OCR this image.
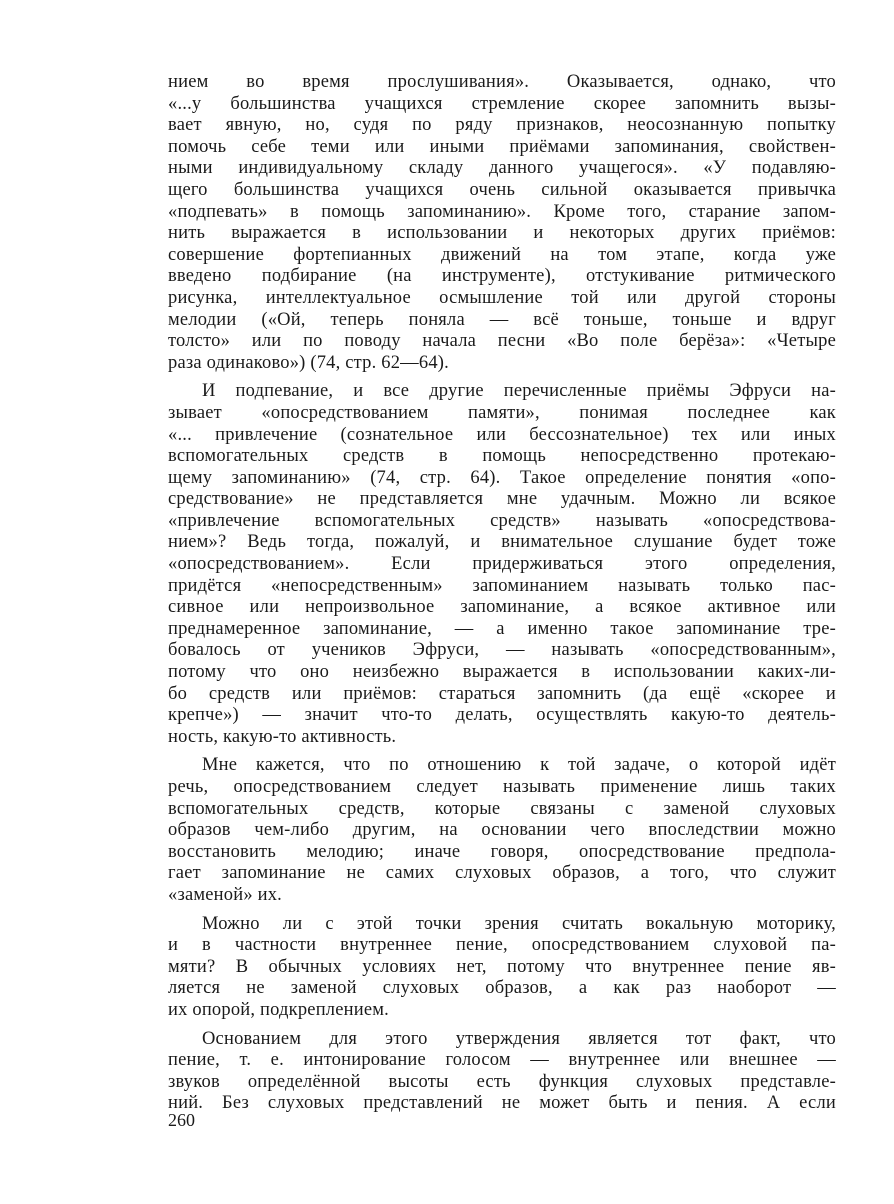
нием во время прослушивания». Оказывается, однако, что
«...у большинства учащихся стремление скорее запомнить вызы-
вает явную, но, судя по ряду признаков, неосознанную попытку
помочь себе теми или иными приёмами запоминания, свойствен-
ными индивидуальному складу данного учащегося». «У подавляю-
щего большинства учащихся очень сильной оказывается привычка
«подпевать» в помощь запоминанию». Кроме того, старание запом-
нить выражается в использовании и некоторых других приёмов:
совершение фортепианных движений на том этапе, когда уже
введено подбирание (на инструменте), отстукивание ритмического
рисунка, интеллектуальное осмышление той или другой стороны
мелодии («Ой, теперь поняла — всё тоньше, тоньше и вдруг
толсто» или по поводу начала песни «Во поле берёза»: «Четыре
раза одинаково») (74, стр. 62—64).
И подпевание, и все другие перечисленные приёмы Эфруси на-
зывает «опосредствованием памяти», понимая последнее как
«... привлечение (сознательное или бессознательное) тех или иных
вспомогательных средств в помощь непосредственно протекаю-
щему запоминанию» (74, стр. 64). Такое определение понятия «опо-
средствование» не представляется мне удачным. Можно ли всякое
«привлечение вспомогательных средств» называть «опосредствова-
нием»? Ведь тогда, пожалуй, и внимательное слушание будет тоже
«опосредствованием». Если придерживаться этого определения,
придётся «непосредственным» запоминанием называть только пас-
сивное или непроизвольное запоминание, а всякое активное или
преднамеренное запоминание, — а именно такое запоминание тре-
бовалось от учеников Эфруси, — называть «опосредствованным»,
потому что оно неизбежно выражается в использовании каких-ли-
бо средств или приёмов: стараться запомнить (да ещё «скорее и
крепче») — значит что-то делать, осуществлять какую-то деятель-
ность, какую-то активность.
Мне кажется, что по отношению к той задаче, о которой идёт
речь, опосредствованием следует называть применение лишь таких
вспомогательных средств, которые связаны с заменой слуховых
образов чем-либо другим, на основании чего впоследствии можно
восстановить мелодию; иначе говоря, опосредствование предпола-
гает запоминание не самих слуховых образов, а того, что служит
«заменой» их.
Можно ли с этой точки зрения считать вокальную моторику,
и в частности внутреннее пение, опосредствованием слуховой па-
мяти? В обычных условиях нет, потому что внутреннее пение яв-
ляется не заменой слуховых образов, а как раз наоборот —
их опорой, подкреплением.
Основанием для этого утверждения является тот факт, что
пение, т. е. интонирование голосом — внутреннее или внешнее —
звуков определённой высоты есть функция слуховых представле-
ний. Без слуховых представлений не может быть и пения. А если
260
